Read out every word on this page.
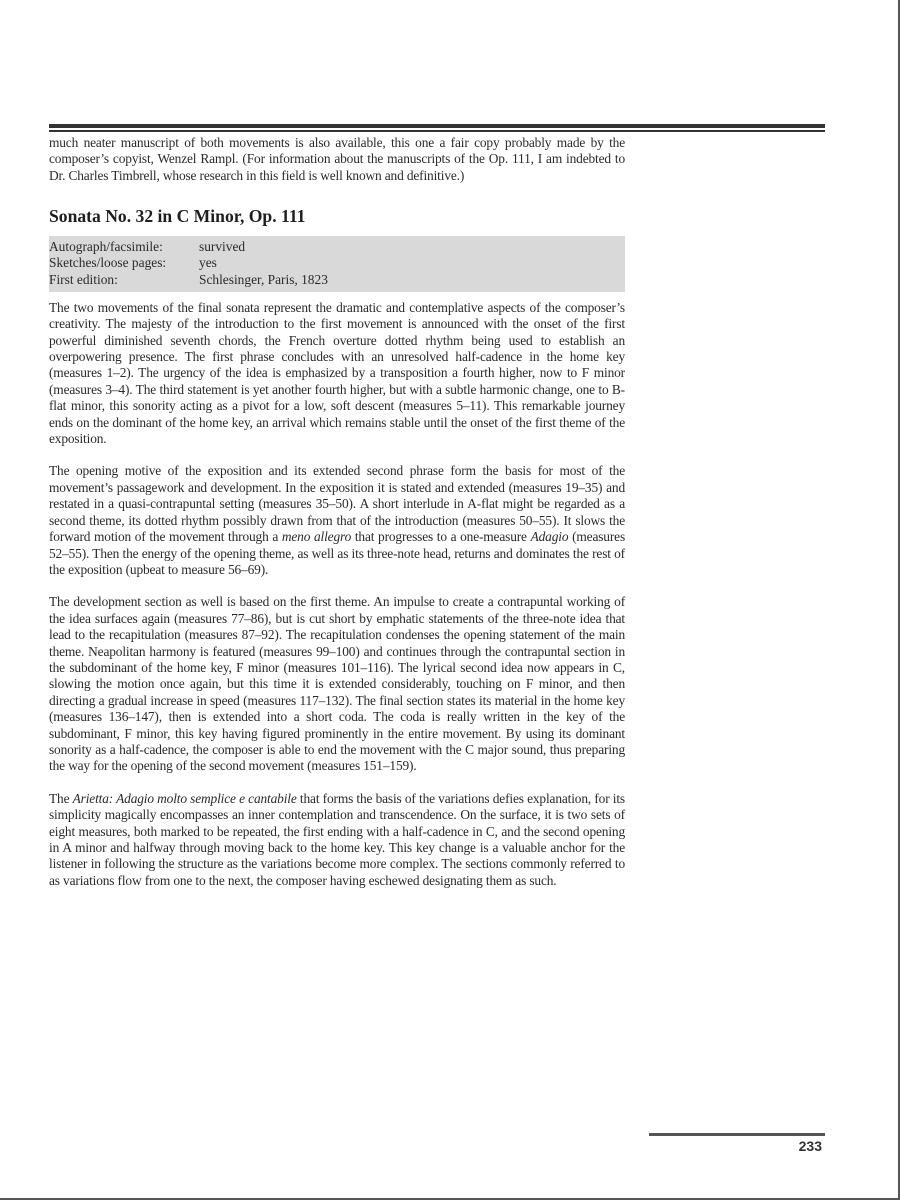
much neater manuscript of both movements is also available, this one a fair copy probably made by the composer’s copyist, Wenzel Rampl. (For information about the manuscripts of the Op. 111, I am indebted to Dr. Charles Timbrell, whose research in this field is well known and definitive.)

Sonata No. 32 in C Minor, Op. 111
Autograph/facsimile:	survived
Sketches/loose pages:	yes
First edition:	Schlesinger, Paris, 1823

The two movements of the final sonata represent the dramatic and contemplative aspects of the composer’s creativity. The majesty of the introduction to the first movement is announced with the onset of the first powerful diminished seventh chords, the French overture dotted rhythm being used to establish an overpowering presence. The first phrase concludes with an unresolved half-cadence in the home key (measures 1–2). The urgency of the idea is emphasized by a transposition a fourth higher, now to F minor (measures 3–4). The third statement is yet another fourth higher, but with a subtle harmonic change, one to B-flat minor, this sonority acting as a pivot for a low, soft descent (measures 5–11). This remarkable journey ends on the dominant of the home key, an arrival which remains stable until the onset of the first theme of the exposition.

The opening motive of the exposition and its extended second phrase form the basis for most of the movement’s passagework and development. In the exposition it is stated and extended (measures 19–35) and restated in a quasi-contrapuntal setting (measures 35–50). A short interlude in A-flat might be regarded as a second theme, its dotted rhythm possibly drawn from that of the introduction (measures 50–55). It slows the forward motion of the movement through a meno allegro that progresses to a one-measure Adagio (measures 52–55). Then the energy of the opening theme, as well as its three-note head, returns and dominates the rest of the exposition (upbeat to measure 56–69).

The development section as well is based on the first theme. An impulse to create a contrapuntal working of the idea surfaces again (measures 77–86), but is cut short by emphatic statements of the three-note idea that lead to the recapitulation (measures 87–92). The recapitulation condenses the opening statement of the main theme. Neapolitan harmony is featured (measures 99–100) and continues through the contrapuntal section in the subdominant of the home key, F minor (measures 101–116). The lyrical second idea now appears in C, slowing the motion once again, but this time it is extended considerably, touching on F minor, and then directing a gradual increase in speed (measures 117–132). The final section states its material in the home key (measures 136–147), then is extended into a short coda. The coda is really written in the key of the subdominant, F minor, this key having figured prominently in the entire movement. By using its dominant sonority as a half-cadence, the composer is able to end the movement with the C major sound, thus preparing the way for the opening of the second movement (measures 151–159).

The Arietta: Adagio molto semplice e cantabile that forms the basis of the variations defies explanation, for its simplicity magically encompasses an inner contemplation and transcendence. On the surface, it is two sets of eight measures, both marked to be repeated, the first ending with a half-cadence in C, and the second opening in A minor and halfway through moving back to the home key. This key change is a valuable anchor for the listener in following the structure as the variations become more complex. The sections commonly referred to as variations flow from one to the next, the composer having eschewed designating them as such.

233
